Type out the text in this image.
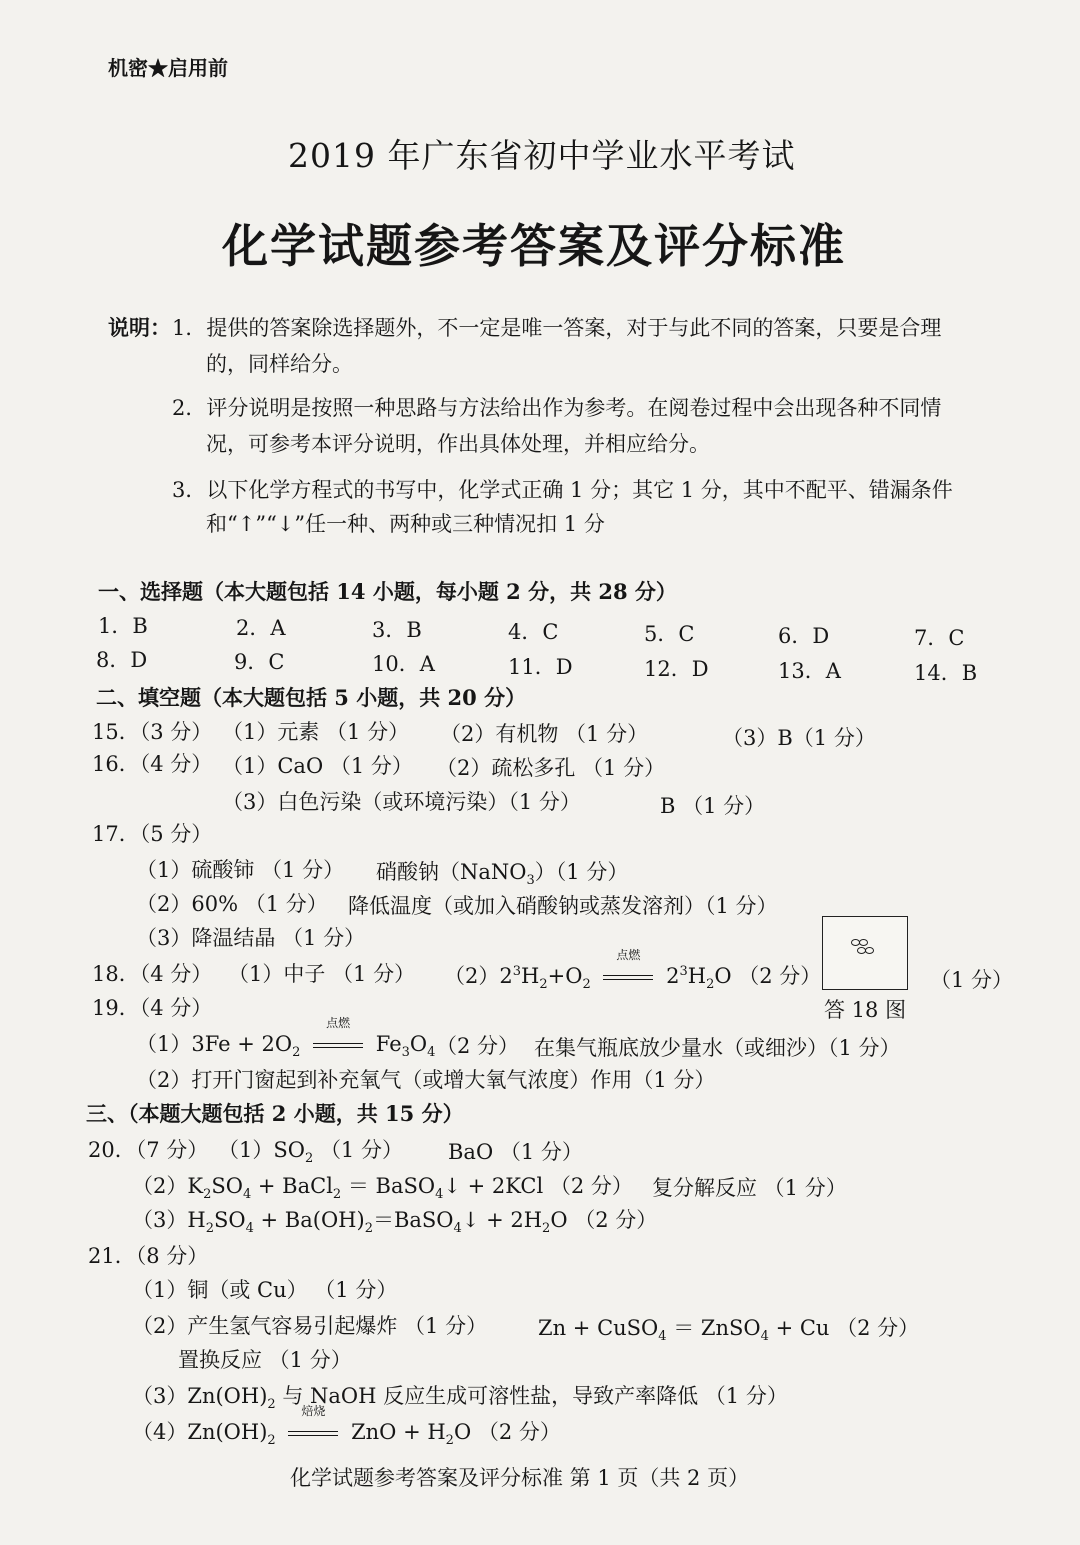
机密★启用前
2019 年广东省初中学业水平考试
化学试题参考答案及评分标准
说明： 1．提供的答案除选择题外，不一定是唯一答案，对于与此不同的答案，只要是合理
的，同样给分。
2．评分说明是按照一种思路与方法给出作为参考。在阅卷过程中会出现各种不同情
况，可参考本评分说明，作出具体处理，并相应给分。
3．以下化学方程式的书写中，化学式正确 1 分；其它 1 分，其中不配平、错漏条件
和“↑”“↓”任一种、两种或三种情况扣 1 分
一、选择题（本大题包括 14 小题，每小题 2 分，共 28 分）
1．B	2．A	3．B	4．C	5．C	6．D	7．C
8．D	9．C	10．A	11．D	12．D	13．A	14．B
二、填空题（本大题包括 5 小题，共 20 分）
15．（3 分） （1）元素 （1 分） （2）有机物 （1 分）	（3）B（1 分）
16．（4 分） （1）CaO （1 分） （2）疏松多孔 （1 分）
（3）白色污染（或环境污染）（1 分）	B （1 分）
17．（5 分）
（1）硫酸铈 （1 分） 硝酸钠（NaNO$_3$）（1 分）
（2）60% （1 分） 降低温度（或加入硝酸钠或蒸发溶剂）（1 分）
（3）降温结晶 （1 分）
18．（4 分） （1）中子 （1 分） $(2)2^3H_2+O_2$
点燃
$2^3H_2O$ （2 分）	（1 分）
答 18 图
19．（4 分）
$(1)3Fe + 2O_2$
点燃
$Fe_3O_4$ （2 分） 在集气瓶底放少量水（或细沙）（1 分）
（2）打开门窗起到补充氧气（或增大氧气浓度）作用（1 分）
三、（本题大题包括 2 小题，共 15 分）
20．（7 分） $(1)SO_2$ （1 分） BaO （1 分）
$(2)K_2SO_4$ + BaCl$_2$ ＝ BaSO$_4$↓ + 2KCl （2 分） 复分解反应 （1 分）
$(3)H_2SO_4$ + $Ba(OH)_2=BaSO_4↓ + 2H_2O$ （2 分）
21．（8 分）
（1）铜（或 Cu） （1 分）
（2）产生氢气容易引起爆炸 （1 分） Zn + CuSO$_4$ ＝ ZnSO$_4$ + Cu （2 分）
置换反应 （1 分）
$(3)Zn(OH)_2$ 与 NaOH 反应生成可溶性盐，导致产率降低 （1 分）
$(4)Zn(OH)_2$
焙烧
ZnO + $H_2O$ （2 分）
化学试题参考答案及评分标准 第 1 页（共 2 页）
